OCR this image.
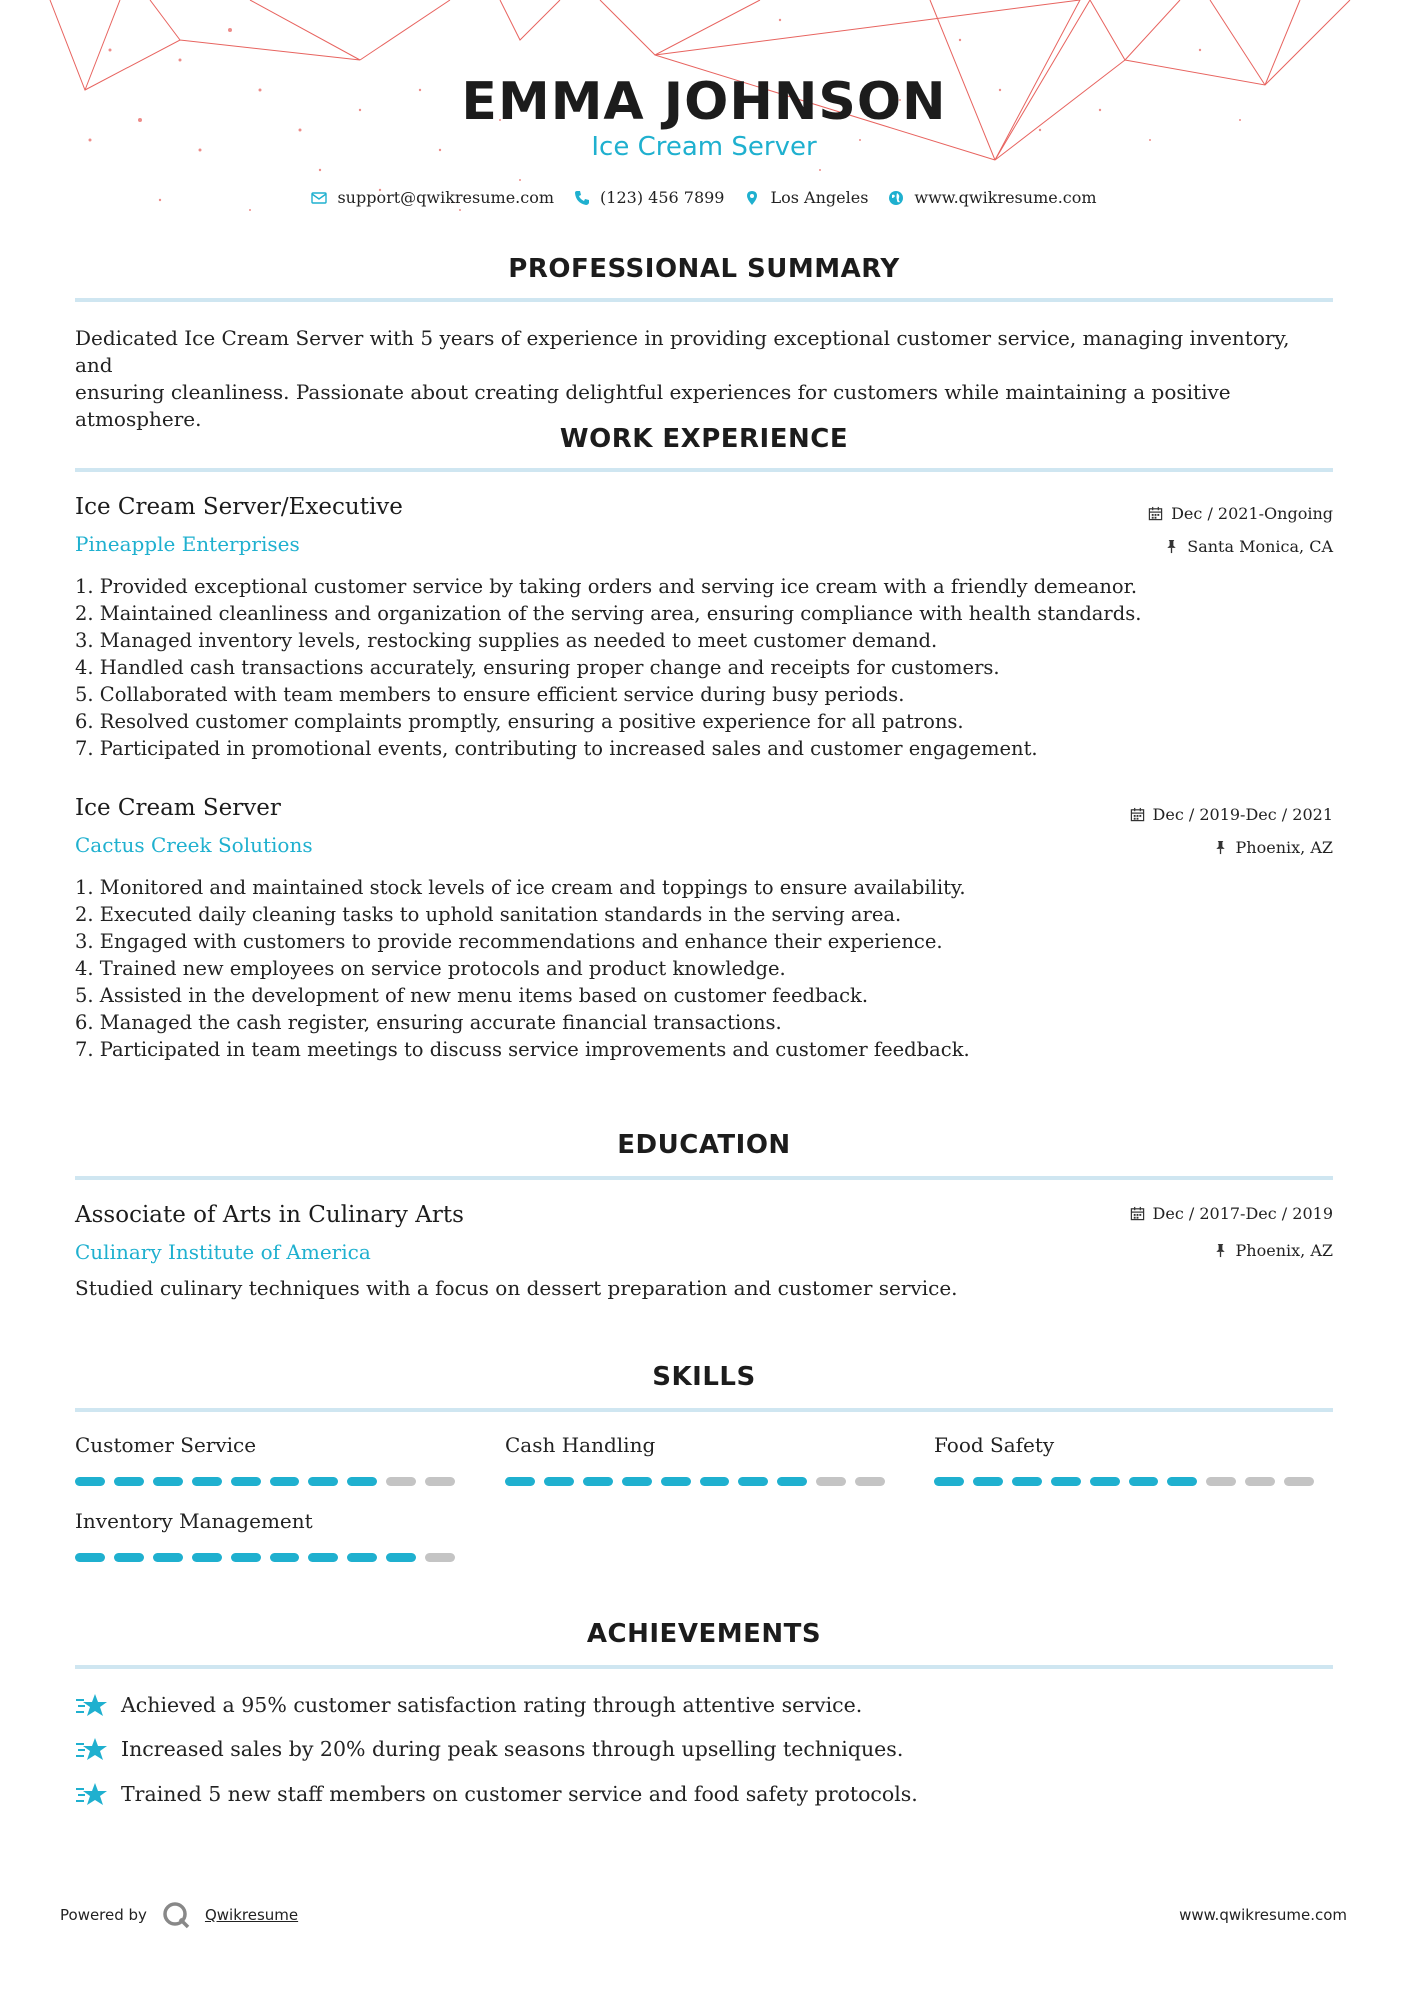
EMMA JOHNSON
Ice Cream Server
support@qwikresume.com	(123) 456 7899	Los Angeles	www.qwikresume.com
PROFESSIONAL SUMMARY
Dedicated Ice Cream Server with 5 years of experience in providing exceptional customer service, managing inventory, and
ensuring cleanliness. Passionate about creating delightful experiences for customers while maintaining a positive atmosphere.
WORK EXPERIENCE
Ice Cream Server/Executive
Pineapple Enterprises
Dec / 2021-Ongoing
Santa Monica, CA
1. Provided exceptional customer service by taking orders and serving ice cream with a friendly demeanor.
2. Maintained cleanliness and organization of the serving area, ensuring compliance with health standards.
3. Managed inventory levels, restocking supplies as needed to meet customer demand.
4. Handled cash transactions accurately, ensuring proper change and receipts for customers.
5. Collaborated with team members to ensure efficient service during busy periods.
6. Resolved customer complaints promptly, ensuring a positive experience for all patrons.
7. Participated in promotional events, contributing to increased sales and customer engagement.
Ice Cream Server
Cactus Creek Solutions
Dec / 2019-Dec / 2021
Phoenix, AZ
1. Monitored and maintained stock levels of ice cream and toppings to ensure availability.
2. Executed daily cleaning tasks to uphold sanitation standards in the serving area.
3. Engaged with customers to provide recommendations and enhance their experience.
4. Trained new employees on service protocols and product knowledge.
5. Assisted in the development of new menu items based on customer feedback.
6. Managed the cash register, ensuring accurate financial transactions.
7. Participated in team meetings to discuss service improvements and customer feedback.
EDUCATION
Associate of Arts in Culinary Arts
Culinary Institute of America
Dec / 2017-Dec / 2019
Phoenix, AZ
Studied culinary techniques with a focus on dessert preparation and customer service.
SKILLS
Customer Service	Cash Handling	Food Safety
Inventory Management
ACHIEVEMENTS
Achieved a 95% customer satisfaction rating through attentive service.
Increased sales by 20% during peak seasons through upselling techniques.
Trained 5 new staff members on customer service and food safety protocols.
Powered by	Qwikresume	www.qwikresume.com
